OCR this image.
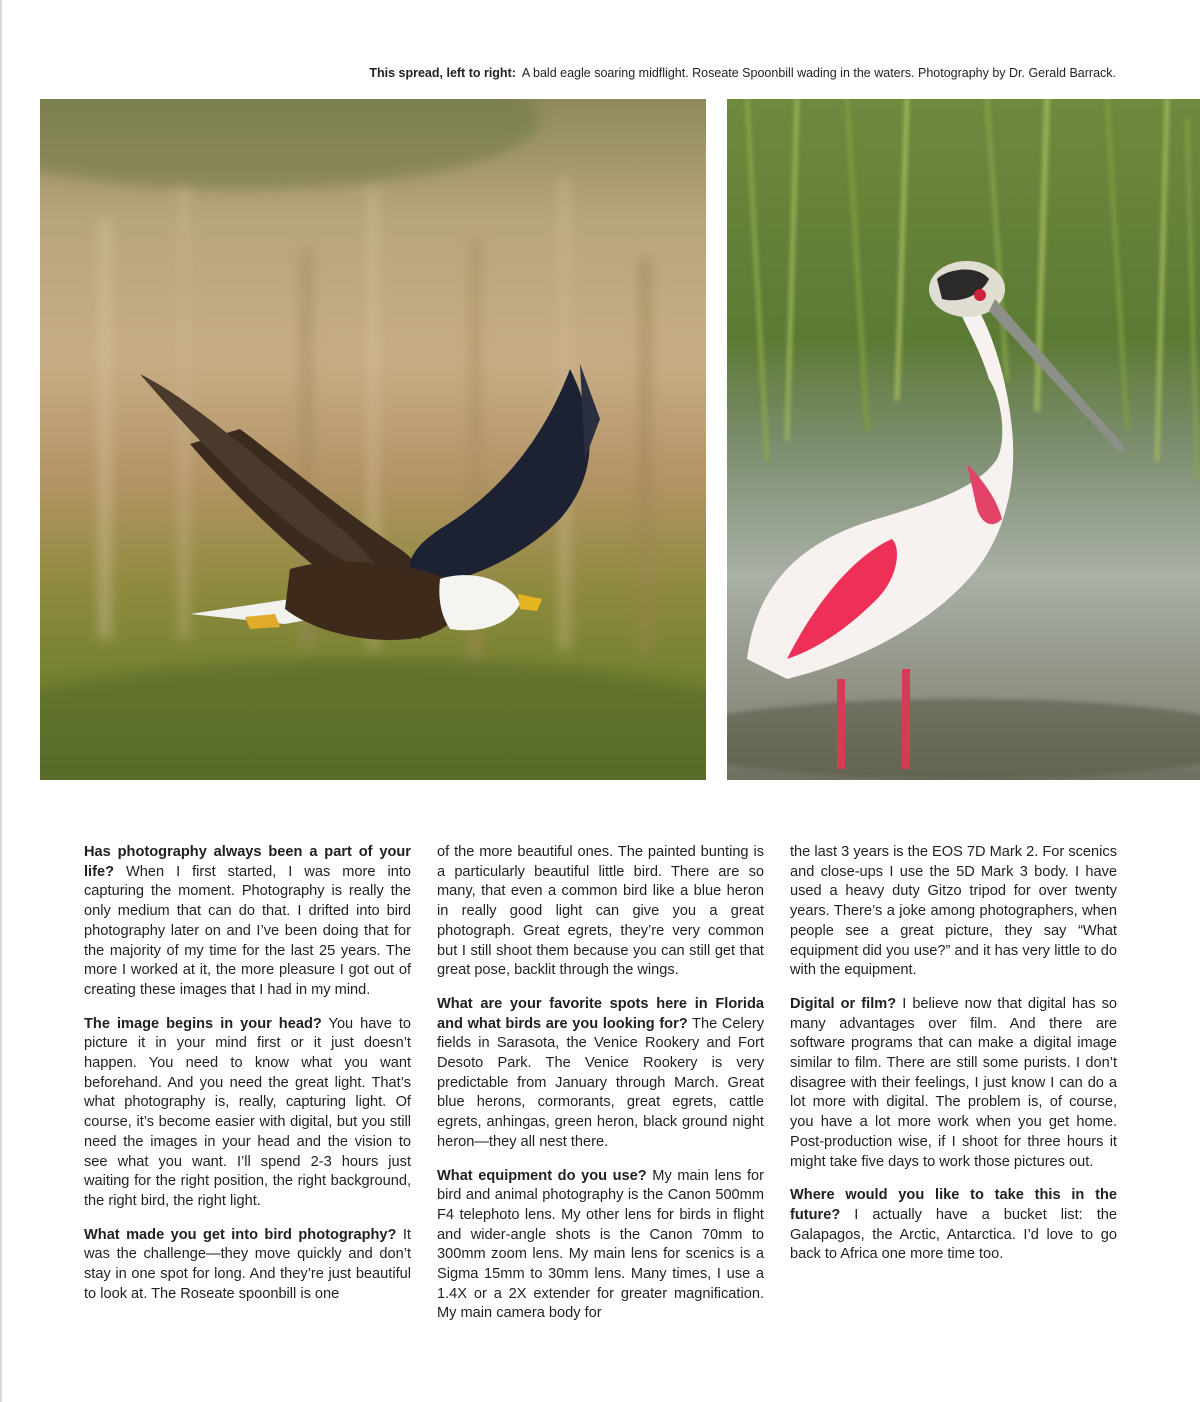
This spread, left to right: A bald eagle soaring midflight. Roseate Spoonbill wading in the waters. Photography by Dr. Gerald Barrack.

Has photography always been a part of your life? When I first started, I was more into capturing the moment. Photography is really the only medium that can do that. I drifted into bird photography later on and I’ve been doing that for the majority of my time for the last 25 years. The more I worked at it, the more pleasure I got out of creating these images that I had in my mind.

The image begins in your head? You have to picture it in your mind first or it just doesn’t happen. You need to know what you want beforehand. And you need the great light. That’s what photography is, really, capturing light. Of course, it’s become easier with digital, but you still need the images in your head and the vision to see what you want. I’ll spend 2-3 hours just waiting for the right position, the right background, the right bird, the right light.

What made you get into bird photography? It was the challenge—they move quickly and don’t stay in one spot for long. And they’re just beautiful to look at. The Roseate spoonbill is one

of the more beautiful ones. The painted bunting is a particularly beautiful little bird. There are so many, that even a common bird like a blue heron in really good light can give you a great photograph. Great egrets, they’re very common but I still shoot them because you can still get that great pose, backlit through the wings.

What are your favorite spots here in Florida and what birds are you looking for? The Celery fields in Sarasota, the Venice Rookery and Fort Desoto Park. The Venice Rookery is very predictable from January through March. Great blue herons, cormorants, great egrets, cattle egrets, anhingas, green heron, black ground night heron—they all nest there.

What equipment do you use? My main lens for bird and animal photography is the Canon 500mm F4 telephoto lens. My other lens for birds in flight and wider-angle shots is the Canon 70mm to 300mm zoom lens. My main lens for scenics is a Sigma 15mm to 30mm lens. Many times, I use a 1.4X or a 2X extender for greater magnification. My main camera body for

the last 3 years is the EOS 7D Mark 2. For scenics and close-ups I use the 5D Mark 3 body. I have used a heavy duty Gitzo tripod for over twenty years. There’s a joke among photographers, when people see a great picture, they say “What equipment did you use?” and it has very little to do with the equipment.

Digital or film? I believe now that digital has so many advantages over film. And there are software programs that can make a digital image similar to film. There are still some purists. I don’t disagree with their feelings, I just know I can do a lot more with digital. The problem is, of course, you have a lot more work when you get home. Post-production wise, if I shoot for three hours it might take five days to work those pictures out.

Where would you like to take this in the future? I actually have a bucket list: the Galapagos, the Arctic, Antarctica. I’d love to go back to Africa one more time too.
